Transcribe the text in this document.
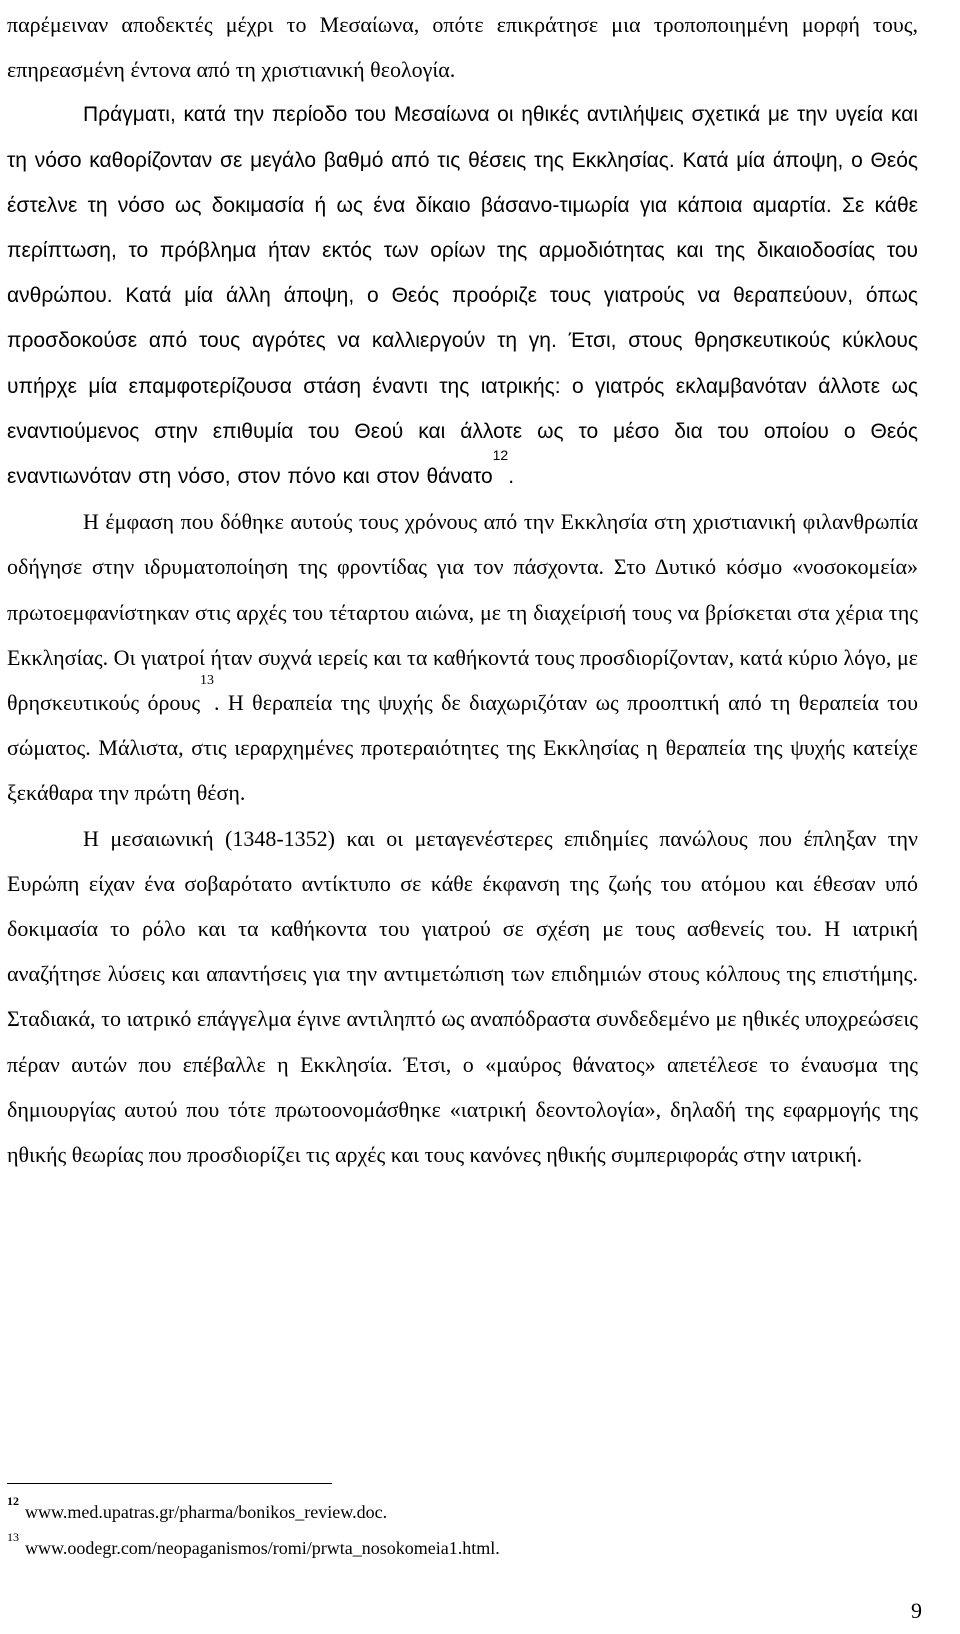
παρέμειναν αποδεκτές μέχρι το Μεσαίωνα, οπότε επικράτησε μια τροποποιημένη μορφή τους, επηρεασμένη έντονα από τη χριστιανική θεολογία.

Πράγματι, κατά την περίοδο του Μεσαίωνα οι ηθικές αντιλήψεις σχετικά με την υγεία και τη νόσο καθορίζονταν σε μεγάλο βαθμό από τις θέσεις της Εκκλησίας. Κατά μία άποψη, ο Θεός έστελνε τη νόσο ως δοκιμασία ή ως ένα δίκαιο βάσανο-τιμωρία για κάποια αμαρτία. Σε κάθε περίπτωση, το πρόβλημα ήταν εκτός των ορίων της αρμοδιότητας και της δικαιοδοσίας του ανθρώπου. Κατά μία άλλη άποψη, ο Θεός προόριζε τους γιατρούς να θεραπεύουν, όπως προσδοκούσε από τους αγρότες να καλλιεργούν τη γη. Έτσι, στους θρησκευτικούς κύκλους υπήρχε μία επαμφοτερίζουσα στάση έναντι της ιατρικής: ο γιατρός εκλαμβανόταν άλλοτε ως εναντιούμενος στην επιθυμία του Θεού και άλλοτε ως το μέσο δια του οποίου ο Θεός εναντιωνόταν στη νόσο, στον πόνο και στον θάνατο$^{12}$.

Η έμφαση που δόθηκε αυτούς τους χρόνους από την Εκκλησία στη χριστιανική φιλανθρωπία οδήγησε στην ιδρυματοποίηση της φροντίδας για τον πάσχοντα. Στο Δυτικό κόσμο «νοσοκομεία» πρωτοεμφανίστηκαν στις αρχές του τέταρτου αιώνα, με τη διαχείρισή τους να βρίσκεται στα χέρια της Εκκλησίας. Οι γιατροί ήταν συχνά ιερείς και τα καθήκοντά τους προσδιορίζονταν, κατά κύριο λόγο, με θρησκευτικούς όρους$^{13}$. Η θεραπεία της ψυχής δε διαχωριζόταν ως προοπτική από τη θεραπεία του σώματος. Μάλιστα, στις ιεραρχημένες προτεραιότητες της Εκκλησίας η θεραπεία της ψυχής κατείχε ξεκάθαρα την πρώτη θέση.

Η μεσαιωνική (1348-1352) και οι μεταγενέστερες επιδημίες πανώλους που έπληξαν την Ευρώπη είχαν ένα σοβαρότατο αντίκτυπο σε κάθε έκφανση της ζωής του ατόμου και έθεσαν υπό δοκιμασία το ρόλο και τα καθήκοντα του γιατρού σε σχέση με τους ασθενείς του. Η ιατρική αναζήτησε λύσεις και απαντήσεις για την αντιμετώπιση των επιδημιών στους κόλπους της επιστήμης. Σταδιακά, το ιατρικό επάγγελμα έγινε αντιληπτό ως αναπόδραστα συνδεδεμένο με ηθικές υποχρεώσεις πέραν αυτών που επέβαλλε η Εκκλησία. Έτσι, ο «μαύρος θάνατος» απετέλεσε το έναυσμα της δημιουργίας αυτού που τότε πρωτοονομάσθηκε «ιατρική δεοντολογία», δηλαδή της εφαρμογής της ηθικής θεωρίας που προσδιορίζει τις αρχές και τους κανόνες ηθικής συμπεριφοράς στην ιατρική.

$^{12}$www.med.upatras.gr/pharma/bonikos_review.doc.
$^{13}$www.oodegr.com/neopaganismos/romi/prwta_nosokomeia1.html.
9
